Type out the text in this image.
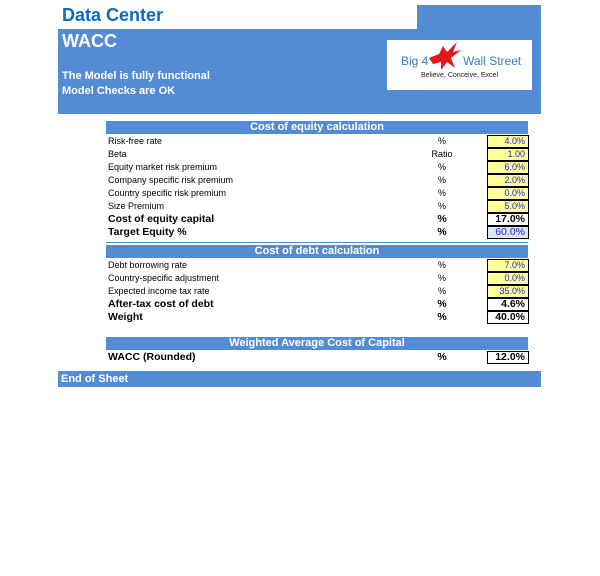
Data Center
WACC
The Model is fully functional
Model Checks are OK
Big 4	Wall Street
Believe, Conceive, Excel
Cost of equity calculation
Risk-free rate	%	4.0%
Beta	Ratio	1.00
Equity market risk premium	%	6.0%
Company specific risk premium	%	2.0%
Country specific risk premium	%	0.0%
Size Premium	%	5.0%
Cost of equity capital	%	17.0%
Target Equity %	%	60.0%
Cost of debt calculation
Debt borrowing rate	%	7.0%
Country-specific adjustment	%	0.0%
Expected income tax rate	%	35.0%
After-tax cost of debt	%	4.6%
Weight	%	40.0%
Weighted Average Cost of Capital
WACC (Rounded)	%	12.0%
End of Sheet
